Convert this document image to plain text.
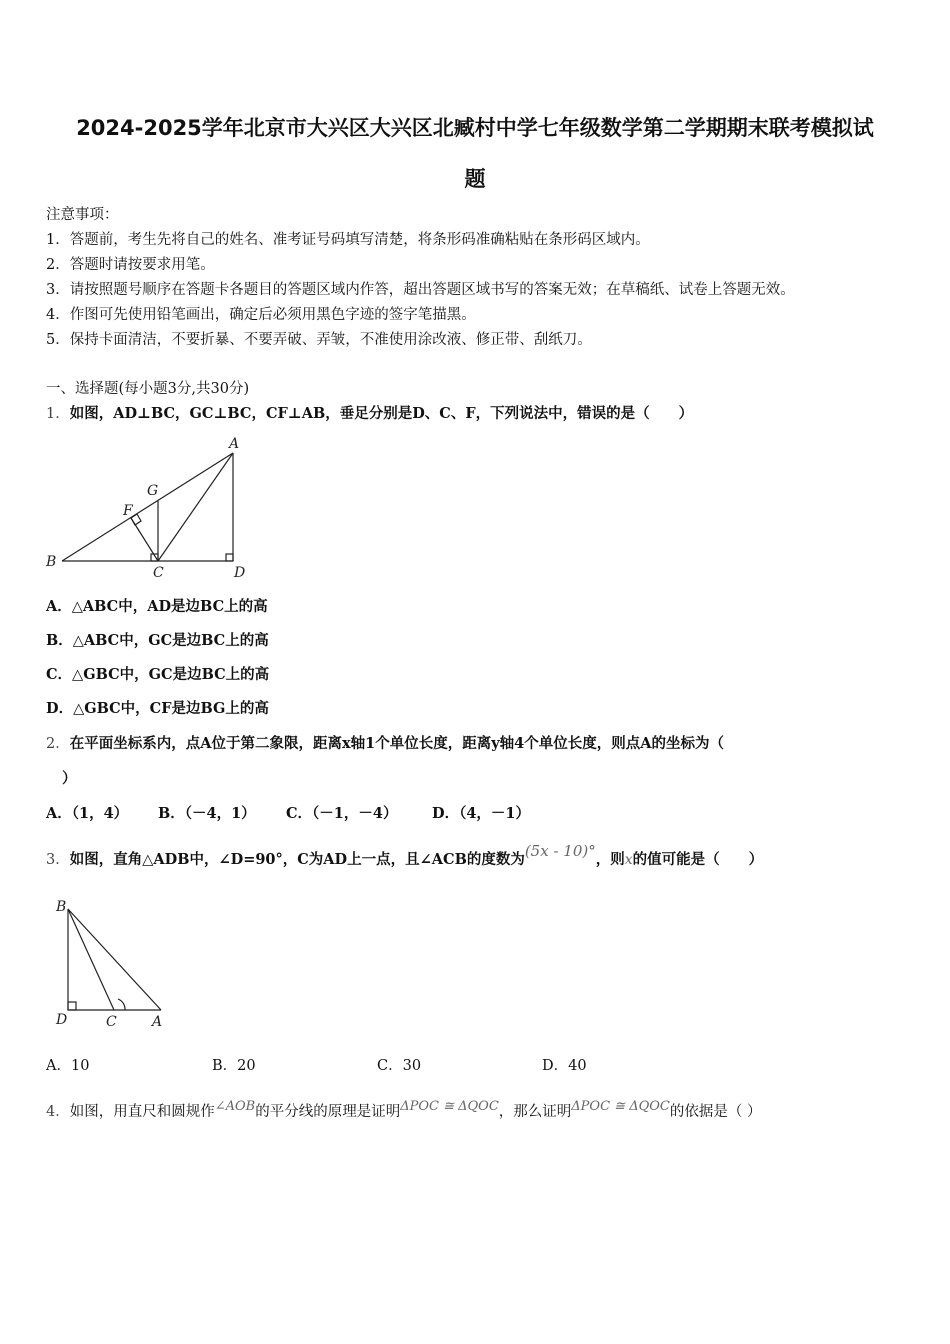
2024-2025学年北京市大兴区大兴区北臧村中学七年级数学第二学期期末联考模拟试
题
注意事项：
1．答题前，考生先将自己的姓名、准考证号码填写清楚，将条形码准确粘贴在条形码区域内。
2．答题时请按要求用笔。
3．请按照题号顺序在答题卡各题目的答题区域内作答，超出答题区域书写的答案无效；在草稿纸、试卷上答题无效。
4．作图可先使用铅笔画出，确定后必须用黑色字迹的签字笔描黑。
5．保持卡面清洁，不要折暴、不要弄破、弄皱，不准使用涂改液、修正带、刮纸刀。
一、选择题(每小题3分,共30分)
1．如图，AD⊥BC，GC⊥BC，CF⊥AB，垂足分别是D、C、F，下列说法中，错误的是（　　）
A
G
F
B
C	D
A．△ABC中，AD是边BC上的高
B．△ABC中，GC是边BC上的高
C．△GBC中，GC是边BC上的高
D．△GBC中，CF是边BG上的高
2．在平面坐标系内，点A位于第二象限，距离x轴1个单位长度，距离y轴4个单位长度，则点A的坐标为（
）
A．（1，4） B．（－4，1） C．（－1，－4） D．（4，－1）
3．如图，直角△ADB中，∠D=90°，C为AD上一点，且∠ACB的度数为(5x - 10)°，则x的值可能是（　　）
B
D	C	A
A．10	B．20	C．30	D．40
4．如图，用直尺和圆规作∠AOB的平分线的原理是证明ΔPOC ≅ ΔQOC，那么证明ΔPOC ≅ ΔQOC的依据是（ ）
